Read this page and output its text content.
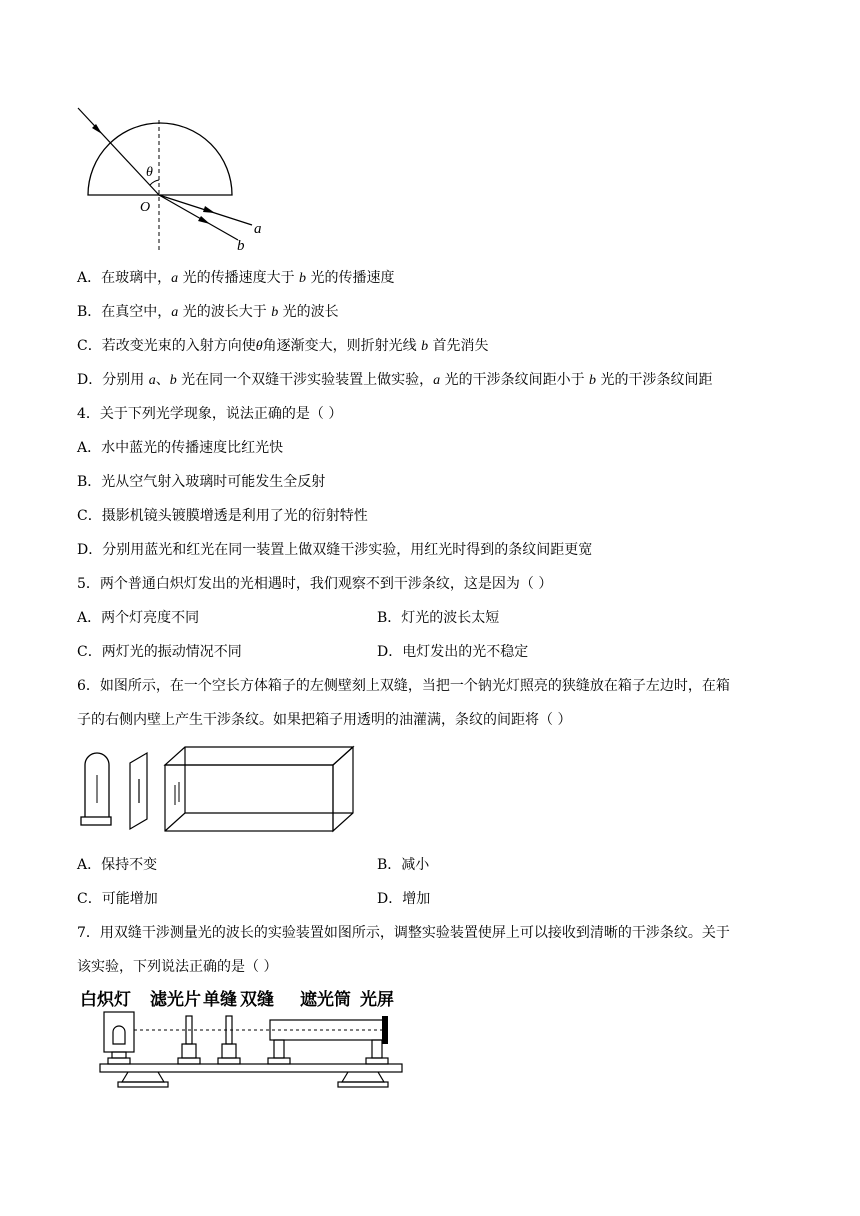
θ
O
a
b
A．在玻璃中，a 光的传播速度大于 b 光的传播速度
B．在真空中，a 光的波长大于 b 光的波长
C．若改变光束的入射方向使θ角逐渐变大，则折射光线 b 首先消失
D．分别用 a、b 光在同一个双缝干涉实验装置上做实验，a 光的干涉条纹间距小于 b 光的干涉条纹间距
4．关于下列光学现象，说法正确的是（ ）
A．水中蓝光的传播速度比红光快
B．光从空气射入玻璃时可能发生全反射
C．摄影机镜头镀膜增透是利用了光的衍射特性
D．分别用蓝光和红光在同一装置上做双缝干涉实验，用红光时得到的条纹间距更宽
5．两个普通白炽灯发出的光相遇时，我们观察不到干涉条纹，这是因为（ ）
A．两个灯亮度不同	B．灯光的波长太短
C．两灯光的振动情况不同	D．电灯发出的光不稳定
6．如图所示，在一个空长方体箱子的左侧壁刻上双缝，当把一个钠光灯照亮的狭缝放在箱子左边时，在箱
子的右侧内壁上产生干涉条纹。如果把箱子用透明的油灌满，条纹的间距将（ ）
A．保持不变	B．减小
C．可能增加	D．增加
7．用双缝干涉测量光的波长的实验装置如图所示，调整实验装置使屏上可以接收到清晰的干涉条纹。关于
该实验，下列说法正确的是（ ）
白炽灯 滤光片 单缝 双缝 遮光筒 光屏
